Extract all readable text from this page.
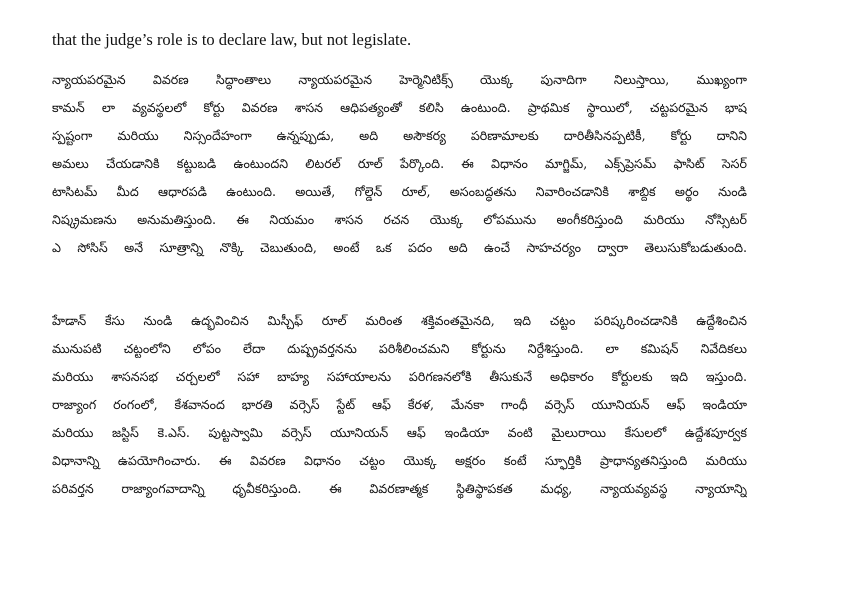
that the judge’s role is to declare law, but not legislate.
న్యాయపరమైన వివరణ సిద్ధాంతాలు న్యాయపరమైన హెర్మెనిటిక్స్ యొక్క పునాదిగా నిలుస్తాయి, ముఖ్యంగా
కామన్ లా వ్యవస్థలలో కోర్టు వివరణ శాసన ఆధిపత్యంతో కలిసి ఉంటుంది. ప్రాథమిక స్థాయిలో, చట్టపరమైన భాష
స్పష్టంగా మరియు నిస్సందేహంగా ఉన్నప్పుడు, అది అసౌకర్య పరిణామాలకు దారితీసినప్పటికీ, కోర్టు దానిని
అమలు చేయడానికి కట్టుబడి ఉంటుందని లిటరల్ రూల్ పేర్కొంది. ఈ విధానం మాగ్జిమ్, ఎక్స్‌ప్రెసమ్ ఫాసిట్ సెసర్
టాసిటమ్ మీద ఆధారపడి ఉంటుంది. అయితే, గోల్డెన్ రూల్, అసంబద్ధతను నివారించడానికి శాబ్దిక అర్థం నుండి
నిష్క్రమణను అనుమతిస్తుంది. ఈ నియమం శాసన రచన యొక్క లోపమును అంగీకరిస్తుంది మరియు నోస్సిటర్
ఎ సోసిస్ అనే సూత్రాన్ని నొక్కి చెబుతుంది, అంటే ఒక పదం అది ఉంచే సాహచర్యం ద్వారా తెలుసుకోబడుతుంది.
హేడాన్ కేసు నుండి ఉద్భవించిన మిస్చీఫ్ రూల్ మరింత శక్తివంతమైనది, ఇది చట్టం పరిష్కరించడానికి ఉద్దేశించిన
మునుపటి చట్టంలోని లోపం లేదా దుష్ప్రవర్తనను పరిశీలించమని కోర్టును నిర్దేశిస్తుంది. లా కమిషన్ నివేదికలు
మరియు శాసనసభ చర్చలలో సహా బాహ్య సహాయాలను పరిగణనలోకి తీసుకునే అధికారం కోర్టులకు ఇది ఇస్తుంది.
రాజ్యాంగ రంగంలో, కేశవానంద భారతి వర్సెస్ స్టేట్ ఆఫ్ కేరళ, మేనకా గాంధీ వర్సెస్ యూనియన్ ఆఫ్ ఇండియా
మరియు జస్టిస్ కె.ఎస్. పుట్టస్వామి వర్సెస్ యూనియన్ ఆఫ్ ఇండియా వంటి మైలురాయి కేసులలో ఉద్దేశపూర్వక
విధానాన్ని ఉపయోగించారు. ఈ వివరణ విధానం చట్టం యొక్క అక్షరం కంటే స్ఫూర్తికి ప్రాధాన్యతనిస్తుంది మరియు
పరివర్తన రాజ్యాంగవాదాన్ని ధృవీకరిస్తుంది. ఈ వివరణాత్మక స్థితిస్థాపకత మధ్య, న్యాయవ్యవస్థ న్యాయాన్ని
